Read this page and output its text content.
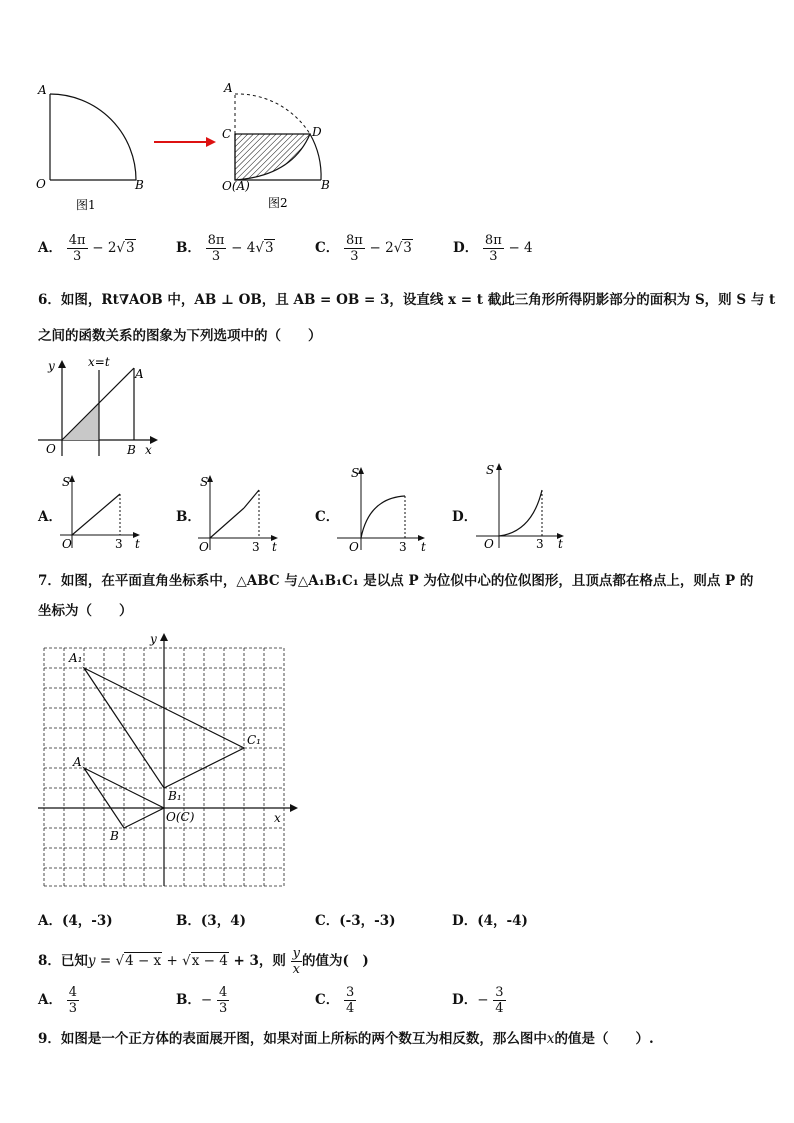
A
O	B
图1
A
C	D
O(A)	B
图2
A． $\frac{4\pi}{3} - 2√3$	B． $\frac{8\pi}{3} - 4√3$	C． $\frac{8\pi}{3} - 2√3$	D． $\frac{8\pi}{3} - 4$
6．如图，Rt∇AOB 中，AB ⊥ OB，且 AB = OB = 3，设直线 x = t 截此三角形所得阴影部分的面积为 S，则 S 与 t
之间的函数关系的图象为下列选项中的（　　）
y	x=t
A
O	B x
A．	B．	C．	D．
S
O	3 t
S
O	3 t
S
O	3 t
S
O	3 t
7．如图，在平面直角坐标系中，△ABC 与△A₁B₁C₁ 是以点 P 为位似中心的位似图形，且顶点都在格点上，则点 P 的
坐标为（　　）
y
x
A₁
C₁
A
B₁
O(C)
B
A．(4，-3)	B．(3，4)	C．(-3，-3)	D．(4，-4)
8．已知y = √4 − x + √x − 4 + 3，则 $\frac{y}{x}$ 的值为(　)
A． $\frac{4}{3}$	B．− $\frac{4}{3}$	C． $\frac{3}{4}$	D．− $\frac{3}{4}$
9．如图是一个正方体的表面展开图，如果对面上所标的两个数互为相反数，那么图中x的值是（　　）.
